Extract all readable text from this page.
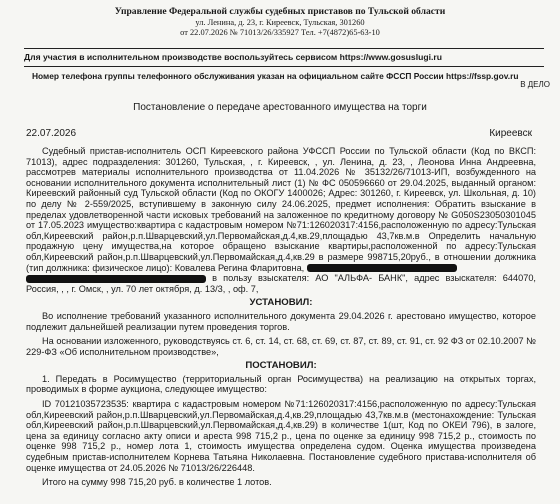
Управление Федеральной службы судебных приставов по Тульской области
ул. Ленина, д. 23, г. Киреевск, Тульская, 301260
от 22.07.2026 № 71013/26/335927 Тел. +7(4872)65-63-10
Для участия в исполнительном производстве воспользуйтесь сервисом https://www.gosuslugi.ru
Номер телефона группы телефонного обслуживания указан на официальном сайте ФССП России https://fssp.gov.ru
В ДЕЛО
Постановление о передаче арестованного имущества на торги
22.07.2026	Киреевск

Судебный пристав-исполнитель ОСП Киреевского района УФССП России по Тульской области (Код по ВКСП: 71013), адрес подразделения: 301260, Тульская, , г. Киреевск, , ул. Ленина, д. 23, , Леонова Инна Андреевна, рассмотрев материалы исполнительного производства от 11.04.2026 № 35132/26/71013-ИП, возбужденного на основании исполнительного документа исполнительный лист (1) № ФС 050596660 от 29.04.2025, выданный органом: Киреевский районный суд Тульской области (Код по ОКОГУ 1400026; Адрес: 301260, г. Киреевск, ул. Школьная, д. 10) по делу № 2-559/2025, вступившему в законную силу 24.06.2025, предмет исполнения: Обратить взыскание в пределах удовлетворенной части исковых требований на заложенное по кредитному договору № G050S23050301045 от 17.05.2023 имущество:квартира с кадастровым номером №71:126020317:4156,расположенную по адресу:Тульская обл,Киреевский район,р.п.Шварцевский,ул.Первомайская,д.4,кв.29,площадью 43,7кв.м.в Определить начальную продажную цену имущества,на которое обращено взыскание квартиры,расположенной по адресу:Тульская обл,Киреевский район,р.п.Шварцевский,ул.Первомайская,д.4,кв.29 в размере 998715,20руб., в отношении должника (тип должника: физическое лицо): Ковалева Регина Фларитовна,

в пользу взыскателя: АО "АЛЬФА- БАНК", адрес взыскателя: 644070, Россия, , , г. Омск, , ул. 70 лет октября, д. 13/3, , оф. 7,

УСТАНОВИЛ:

Во исполнение требований указанного исполнительного документа 29.04.2026 г. арестовано имущество, которое подлежит дальнейшей реализации путем проведения торгов.

На основании изложенного, руководствуясь ст. 6, ст. 14, ст. 68, ст. 69, ст. 87, ст. 89, ст. 91, ст. 92 ФЗ от 02.10.2007 № 229-ФЗ «Об исполнительном производстве»,

ПОСТАНОВИЛ:

1. Передать в Росимущество (территориальный орган Росимущества) на реализацию на открытых торгах, проводимых в форме аукциона, следующее имущество:

ID 70121035723535: квартира с кадастровым номером №71:126020317:4156,расположенную по адресу:Тульская обл,Киреевский район,р.п.Шварцевский,ул.Первомайская,д.4,кв.29,площадью 43,7кв.м.в (местонахождение: Тульская обл,Киреевский район,р.п.Шварцевский,ул.Первомайская,д.4,кв.29) в количестве 1(шт, Код по ОКЕИ 796), в залоге, цена за единицу согласно акту описи и ареста 998 715,2 р., цена по оценке за единицу 998 715,2 р., стоимость по оценке 998 715,2 р., номер лота 1, стоимость имущества определена судом. Оценка имущества произведена судебным пристав-исполнителем Корнева Татьяна Николаевна. Постановление судебного пристава-исполнителя об оценке имущества от 24.05.2026 № 71013/26/226448.

Итого на сумму 998 715,20 руб. в количестве 1 лотов.
